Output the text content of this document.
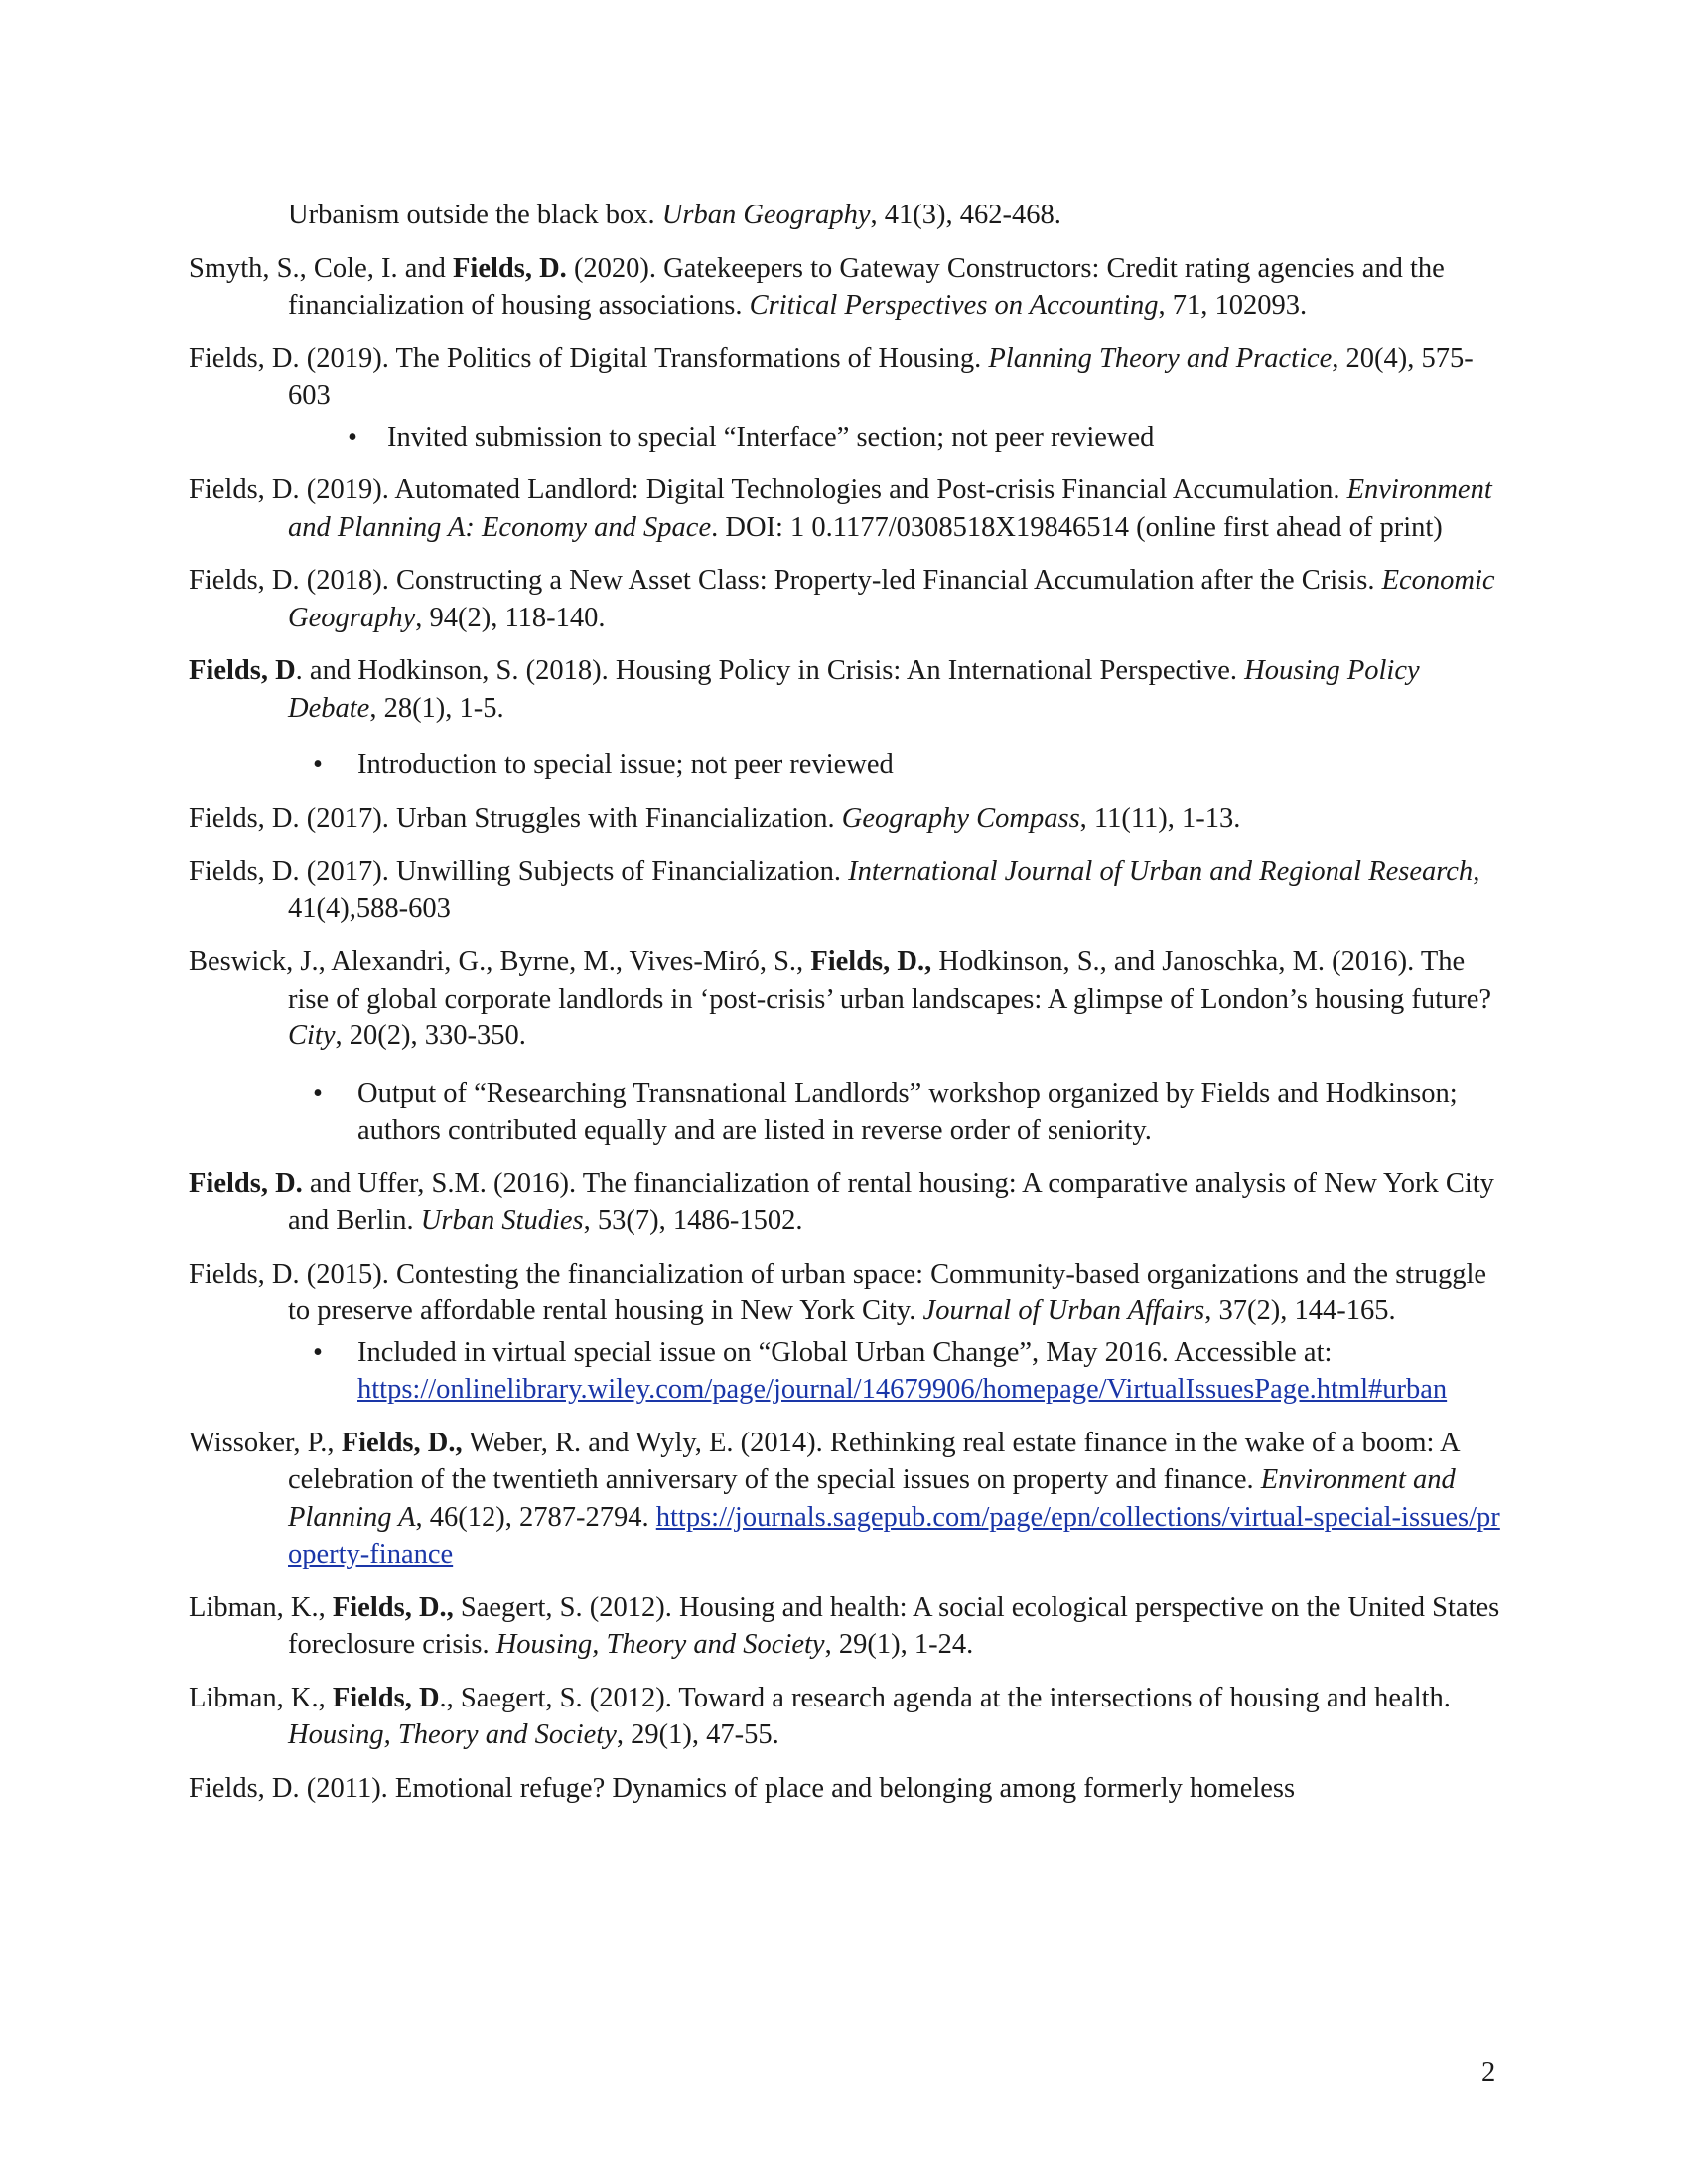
Urbanism outside the black box. Urban Geography, 41(3), 462-468.
Smyth, S., Cole, I. and Fields, D. (2020). Gatekeepers to Gateway Constructors: Credit rating agencies and the financialization of housing associations. Critical Perspectives on Accounting, 71, 102093.
Fields, D. (2019). The Politics of Digital Transformations of Housing. Planning Theory and Practice, 20(4), 575-603
• Invited submission to special “Interface” section; not peer reviewed
Fields, D. (2019). Automated Landlord: Digital Technologies and Post-crisis Financial Accumulation. Environment and Planning A: Economy and Space. DOI: 1 0.1177/0308518X19846514 (online first ahead of print)
Fields, D. (2018). Constructing a New Asset Class: Property-led Financial Accumulation after the Crisis. Economic Geography, 94(2), 118-140.
Fields, D. and Hodkinson, S. (2018). Housing Policy in Crisis: An International Perspective. Housing Policy Debate, 28(1), 1-5.
• Introduction to special issue; not peer reviewed
Fields, D. (2017). Urban Struggles with Financialization. Geography Compass, 11(11), 1-13.
Fields, D. (2017). Unwilling Subjects of Financialization. International Journal of Urban and Regional Research, 41(4),588-603
Beswick, J., Alexandri, G., Byrne, M., Vives-Miró, S., Fields, D., Hodkinson, S., and Janoschka, M. (2016). The rise of global corporate landlords in ‘post-crisis’ urban landscapes: A glimpse of London’s housing future? City, 20(2), 330-350.
• Output of “Researching Transnational Landlords” workshop organized by Fields and Hodkinson; authors contributed equally and are listed in reverse order of seniority.
Fields, D. and Uffer, S.M. (2016). The financialization of rental housing: A comparative analysis of New York City and Berlin. Urban Studies, 53(7), 1486-1502.
Fields, D. (2015). Contesting the financialization of urban space: Community-based organizations and the struggle to preserve affordable rental housing in New York City. Journal of Urban Affairs, 37(2), 144-165.
• Included in virtual special issue on “Global Urban Change”, May 2016. Accessible at:
https://onlinelibrary.wiley.com/page/journal/14679906/homepage/VirtualIssuesPage.html#urban
Wissoker, P., Fields, D., Weber, R. and Wyly, E. (2014). Rethinking real estate finance in the wake of a boom: A celebration of the twentieth anniversary of the special issues on property and finance. Environment and Planning A, 46(12), 2787-2794. https://journals.sagepub.com/page/epn/collections/virtual-special-issues/property-finance
Libman, K., Fields, D., Saegert, S. (2012). Housing and health: A social ecological perspective on the United States foreclosure crisis. Housing, Theory and Society, 29(1), 1-24.
Libman, K., Fields, D., Saegert, S. (2012). Toward a research agenda at the intersections of housing and health. Housing, Theory and Society, 29(1), 47-55.
Fields, D. (2011). Emotional refuge? Dynamics of place and belonging among formerly homeless
2
